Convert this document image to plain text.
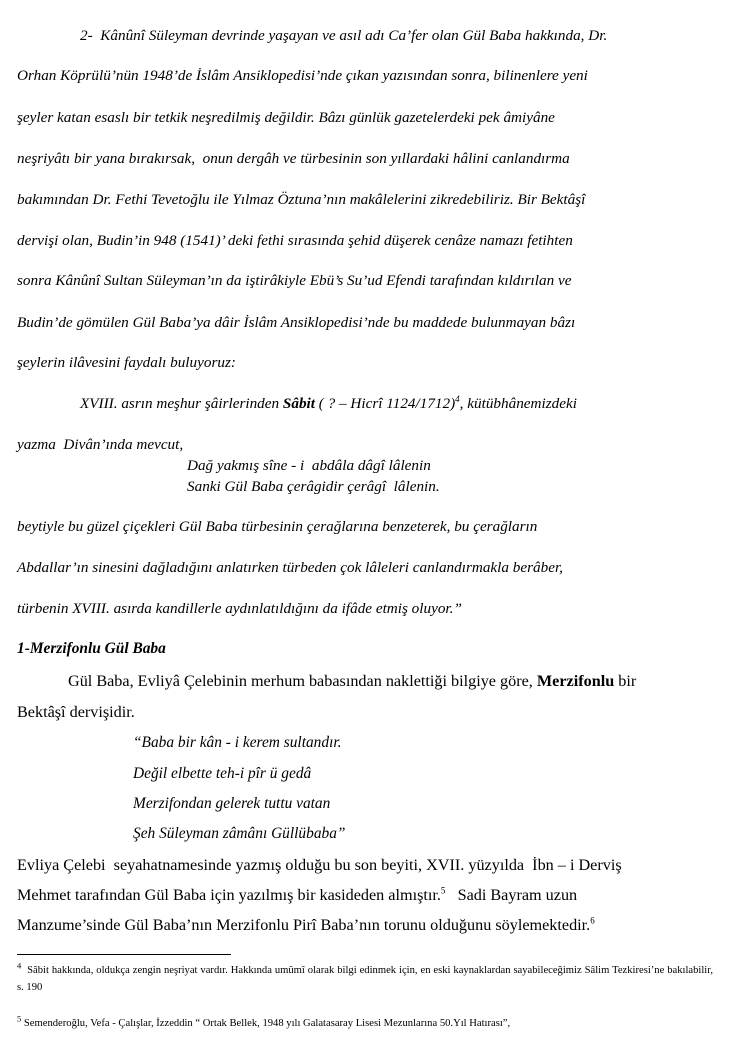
2-  Kânûnî Süleyman devrinde yaşayan ve asıl adı Ca’fer olan Gül Baba hakkında, Dr.
Orhan Köprülü’nün 1948’de İslâm Ansiklopedisi’nde çıkan yazısından sonra, bilinenlere yeni
şeyler katan esaslı bir tetkik neşredilmiş değildir. Bâzı günlük gazetelerdeki pek âmiyâne
neşriyâtı bir yana bırakırsak,  onun dergâh ve türbesinin son yıllardaki hâlini canlandırma
bakımından Dr. Fethi Tevetoğlu ile Yılmaz Öztuna’nın makâlelerini zikredebiliriz. Bir Bektâşî
dervişi olan, Budin’in 948 (1541)’ deki fethi sırasında şehid düşerek cenâze namazı fetihten
sonra Kânûnî Sultan Süleyman’ın da iştirâkiyle Ebü’s Su’ud Efendi tarafından kıldırılan ve
Budin’de gömülen Gül Baba’ya dâir İslâm Ansiklopedisi’nde bu maddede bulunmayan bâzı
şeylerin ilâvesini faydalı buluyoruz:
XVIII. asrın meşhur şâirlerinden Sâbit ( ? – Hicrî 1124/1712)$^4$, kütübhânemizdeki
yazma  Divân’ında mevcut,
Dağ yakmış sîne - i  abdâla dâgî lâlenin
Sanki Gül Baba çerâgidir çerâgî  lâlenin.
beytiyle bu güzel çiçekleri Gül Baba türbesinin çerağlarına benzeterek, bu çerağların
Abdallar’ın sinesini dağladığını anlatırken türbeden çok lâleleri canlandırmakla berâber,
türbenin XVIII. asırda kandillerle aydınlatıldığını da ifâde etmiş oluyor.”
1-Merzifonlu Gül Baba
Gül Baba, Evliyâ Çelebinin merhum babasından naklettiği bilgiye göre, Merzifonlu bir
Bektâşî dervişidir.
“Baba bir kân - i kerem sultandır.
Değil elbette teh-i pîr ü gedâ
Merzifondan gelerek tuttu vatan
Şeh Süleyman zâmânı Güllübaba”
Evliya Çelebi  seyahatnamesinde yazmış olduğu bu son beyiti, XVII. yüzyılda  İbn – i Derviş
Mehmet tarafından Gül Baba için yazılmış bir kasideden almıştır.$^5$   Sadi Bayram uzun
Manzume’sinde Gül Baba’nın Merzifonlu Pirî Baba’nın torunu olduğunu söylemektedir.$^6$
$^4$ Sâbit hakkında, oldukça zengin neşriyat vardır. Hakkında umûmî olarak bilgi edinmek için, en eski kaynaklardan sayabileceğimiz Sâlim Tezkiresi’ne bakılabilir, s. 190
$^5$ Semenderoğlu, Vefa - Çalışlar, İzzeddin “ Ortak Bellek, 1948 yılı Galatasaray Lisesi Mezunlarına 50.Yıl Hatırası”,
